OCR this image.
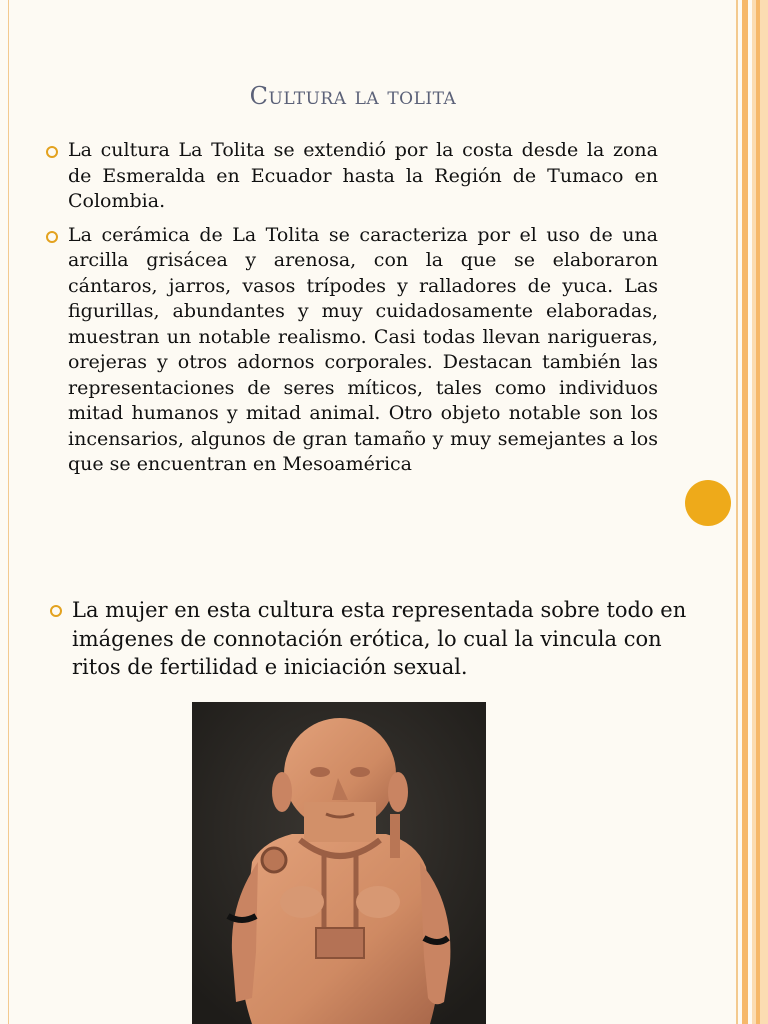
Cultura la tolita
La cultura La Tolita se extendió por la costa desde la zona de Esmeralda en Ecuador hasta la Región de Tumaco en Colombia.
La cerámica de La Tolita se caracteriza por el uso de una arcilla grisácea y arenosa, con la que se elaboraron cántaros, jarros, vasos trípodes y ralladores de yuca. Las figurillas, abundantes y muy cuidadosamente elaboradas, muestran un notable realismo. Casi todas llevan narigueras, orejeras y otros adornos corporales. Destacan también las representaciones de seres míticos, tales como individuos mitad humanos y mitad animal. Otro objeto notable son los incensarios, algunos de gran tamaño y muy semejantes a los que se encuentran en Mesoamérica
La mujer en esta cultura esta representada sobre todo en imágenes de connotación erótica, lo cual la vincula con ritos de fertilidad e iniciación sexual.
